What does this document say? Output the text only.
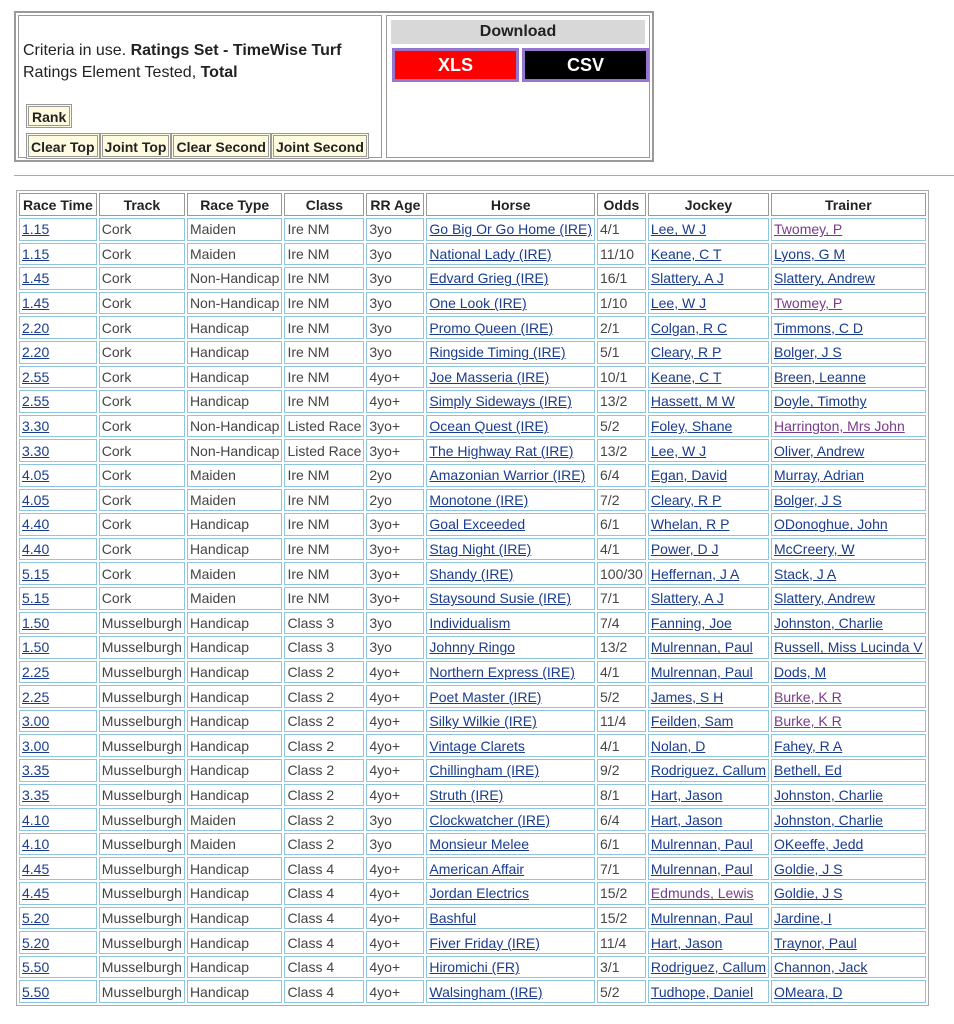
Criteria in use. Ratings Set - TimeWise Turf
Ratings Element Tested, Total
Rank
Clear Top Joint Top Clear Second Joint Second
Download
XLS	CSV
Race Time	Track	Race Type	Class	RR Age	Horse	Odds	Jockey	Trainer
1.15	Cork	Maiden	Ire NM	3yo	Go Big Or Go Home (IRE)	4/1	Lee, W J	Twomey, P
1.15	Cork	Maiden	Ire NM	3yo	National Lady (IRE)	11/10	Keane, C T	Lyons, G M
1.45	Cork	Non-Handicap	Ire NM	3yo	Edvard Grieg (IRE)	16/1	Slattery, A J	Slattery, Andrew
1.45	Cork	Non-Handicap	Ire NM	3yo	One Look (IRE)	1/10	Lee, W J	Twomey, P
2.20	Cork	Handicap	Ire NM	3yo	Promo Queen (IRE)	2/1	Colgan, R C	Timmons, C D
2.20	Cork	Handicap	Ire NM	3yo	Ringside Timing (IRE)	5/1	Cleary, R P	Bolger, J S
2.55	Cork	Handicap	Ire NM	4yo+	Joe Masseria (IRE)	10/1	Keane, C T	Breen, Leanne
2.55	Cork	Handicap	Ire NM	4yo+	Simply Sideways (IRE)	13/2	Hassett, M W	Doyle, Timothy
3.30	Cork	Non-Handicap	Listed Race	3yo+	Ocean Quest (IRE)	5/2	Foley, Shane	Harrington, Mrs John
3.30	Cork	Non-Handicap	Listed Race	3yo+	The Highway Rat (IRE)	13/2	Lee, W J	Oliver, Andrew
4.05	Cork	Maiden	Ire NM	2yo	Amazonian Warrior (IRE)	6/4	Egan, David	Murray, Adrian
4.05	Cork	Maiden	Ire NM	2yo	Monotone (IRE)	7/2	Cleary, R P	Bolger, J S
4.40	Cork	Handicap	Ire NM	3yo+	Goal Exceeded	6/1	Whelan, R P	ODonoghue, John
4.40	Cork	Handicap	Ire NM	3yo+	Stag Night (IRE)	4/1	Power, D J	McCreery, W
5.15	Cork	Maiden	Ire NM	3yo+	Shandy (IRE)	100/30	Heffernan, J A	Stack, J A
5.15	Cork	Maiden	Ire NM	3yo+	Staysound Susie (IRE)	7/1	Slattery, A J	Slattery, Andrew
1.50	Musselburgh	Handicap	Class 3	3yo	Individualism	7/4	Fanning, Joe	Johnston, Charlie
1.50	Musselburgh	Handicap	Class 3	3yo	Johnny Ringo	13/2	Mulrennan, Paul	Russell, Miss Lucinda V
2.25	Musselburgh	Handicap	Class 2	4yo+	Northern Express (IRE)	4/1	Mulrennan, Paul	Dods, M
2.25	Musselburgh	Handicap	Class 2	4yo+	Poet Master (IRE)	5/2	James, S H	Burke, K R
3.00	Musselburgh	Handicap	Class 2	4yo+	Silky Wilkie (IRE)	11/4	Feilden, Sam	Burke, K R
3.00	Musselburgh	Handicap	Class 2	4yo+	Vintage Clarets	4/1	Nolan, D	Fahey, R A
3.35	Musselburgh	Handicap	Class 2	4yo+	Chillingham (IRE)	9/2	Rodriguez, Callum	Bethell, Ed
3.35	Musselburgh	Handicap	Class 2	4yo+	Struth (IRE)	8/1	Hart, Jason	Johnston, Charlie
4.10	Musselburgh	Maiden	Class 2	3yo	Clockwatcher (IRE)	6/4	Hart, Jason	Johnston, Charlie
4.10	Musselburgh	Maiden	Class 2	3yo	Monsieur Melee	6/1	Mulrennan, Paul	OKeeffe, Jedd
4.45	Musselburgh	Handicap	Class 4	4yo+	American Affair	7/1	Mulrennan, Paul	Goldie, J S
4.45	Musselburgh	Handicap	Class 4	4yo+	Jordan Electrics	15/2	Edmunds, Lewis	Goldie, J S
5.20	Musselburgh	Handicap	Class 4	4yo+	Bashful	15/2	Mulrennan, Paul	Jardine, I
5.20	Musselburgh	Handicap	Class 4	4yo+	Fiver Friday (IRE)	11/4	Hart, Jason	Traynor, Paul
5.50	Musselburgh	Handicap	Class 4	4yo+	Hiromichi (FR)	3/1	Rodriguez, Callum	Channon, Jack
5.50	Musselburgh	Handicap	Class 4	4yo+	Walsingham (IRE)	5/2	Tudhope, Daniel	OMeara, D
